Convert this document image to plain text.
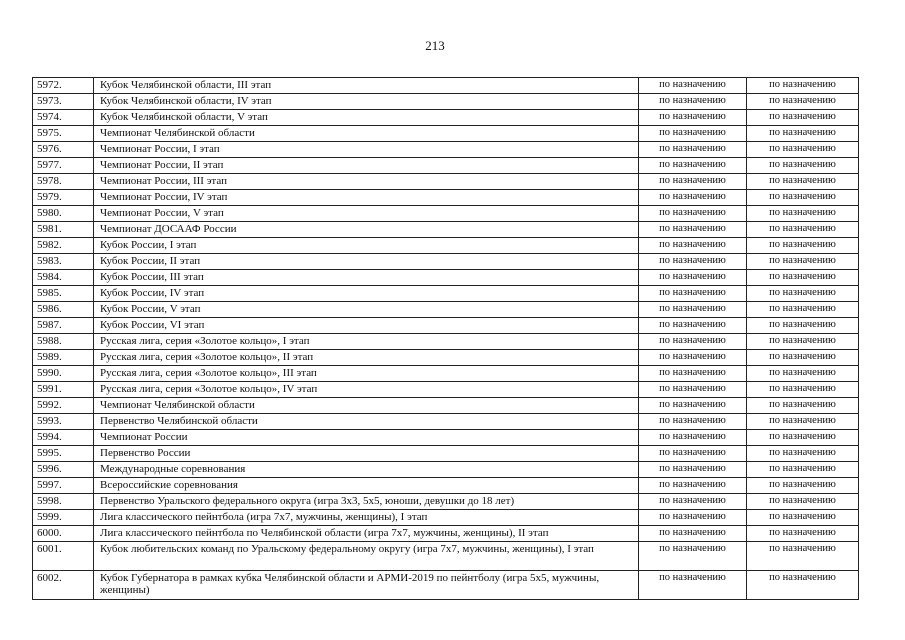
213
5972.	Кубок Челябинской области, III этап	по назначению	по назначению
5973.	Кубок Челябинской области, IV этап	по назначению	по назначению
5974.	Кубок Челябинской области, V этап	по назначению	по назначению
5975.	Чемпионат Челябинской области	по назначению	по назначению
5976.	Чемпионат России, I этап	по назначению	по назначению
5977.	Чемпионат России, II этап	по назначению	по назначению
5978.	Чемпионат России, III этап	по назначению	по назначению
5979.	Чемпионат России, IV этап	по назначению	по назначению
5980.	Чемпионат России, V этап	по назначению	по назначению
5981.	Чемпионат ДОСААФ России	по назначению	по назначению
5982.	Кубок России, I этап	по назначению	по назначению
5983.	Кубок России, II этап	по назначению	по назначению
5984.	Кубок России, III этап	по назначению	по назначению
5985.	Кубок России, IV этап	по назначению	по назначению
5986.	Кубок России, V этап	по назначению	по назначению
5987.	Кубок России, VI этап	по назначению	по назначению
5988.	Русская лига, серия «Золотое кольцо», I этап	по назначению	по назначению
5989.	Русская лига, серия «Золотое кольцо», II этап	по назначению	по назначению
5990.	Русская лига, серия «Золотое кольцо», III этап	по назначению	по назначению
5991.	Русская лига, серия «Золотое кольцо», IV этап	по назначению	по назначению
5992.	Чемпионат Челябинской области	по назначению	по назначению
5993.	Первенство Челябинской области	по назначению	по назначению
5994.	Чемпионат России	по назначению	по назначению
5995.	Первенство России	по назначению	по назначению
5996.	Международные соревнования	по назначению	по назначению
5997.	Всероссийские соревнования	по назначению	по назначению
5998.	Первенство Уральского федерального округа (игра 3х3, 5х5, юноши, девушки до 18 лет)	по назначению	по назначению
5999.	Лига классического пейнтбола (игра 7х7, мужчины, женщины), I этап	по назначению	по назначению
6000.	Лига классического пейнтбола по Челябинской области (игра 7х7, мужчины, женщины), II этап	по назначению	по назначению
6001.	Кубок любительских команд по Уральскому федеральному округу (игра 7х7, мужчины, женщины), I этап	по назначению	по назначению
6002.	Кубок Губернатора в рамках кубка Челябинской области и АРМИ-2019 по пейнтболу (игра 5х5, мужчины, женщины)	по назначению	по назначению
